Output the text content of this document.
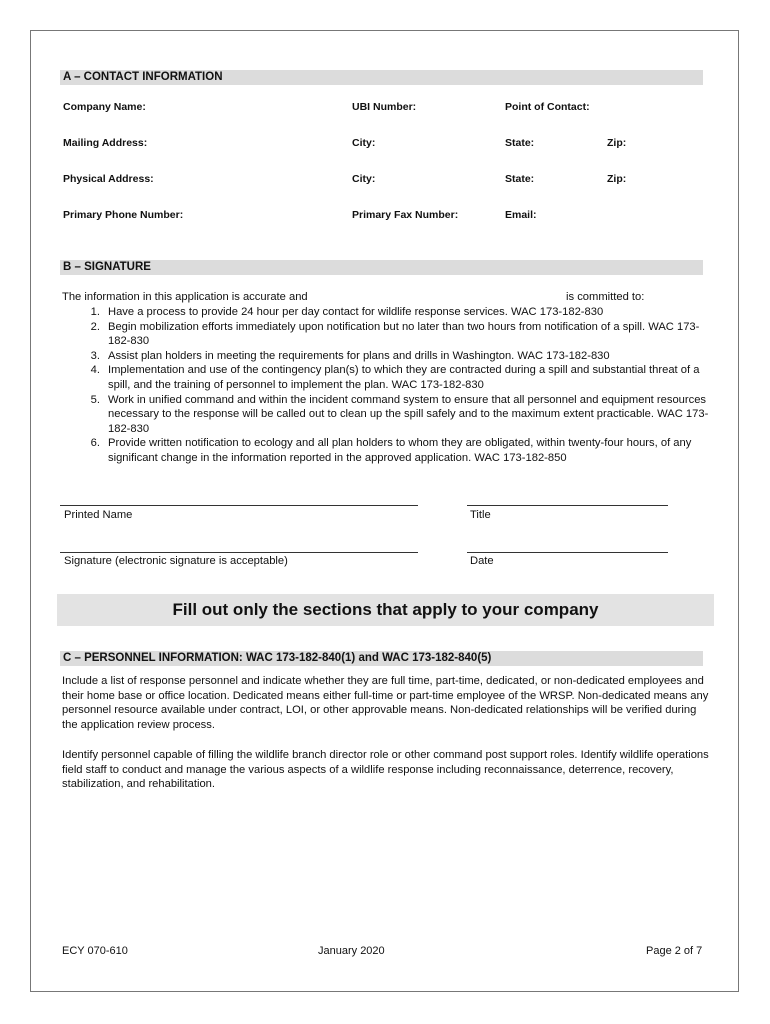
A – CONTACT INFORMATION
Company Name:	UBI Number:	Point of Contact:
Mailing Address:	City:	State:	Zip:
Physical Address:	City:	State:	Zip:
Primary Phone Number:	Primary Fax Number:	Email:
B – SIGNATURE
The information in this application is accurate and	is committed to:
1. Have a process to provide 24 hour per day contact for wildlife response services. WAC 173-182-830
2. Begin mobilization efforts immediately upon notification but no later than two hours from notification of a spill. WAC 173-182-830
3. Assist plan holders in meeting the requirements for plans and drills in Washington. WAC 173-182-830
4. Implementation and use of the contingency plan(s) to which they are contracted during a spill and substantial threat of a spill, and the training of personnel to implement the plan. WAC 173-182-830
5. Work in unified command and within the incident command system to ensure that all personnel and equipment resources necessary to the response will be called out to clean up the spill safely and to the maximum extent practicable. WAC 173-182-830
6. Provide written notification to ecology and all plan holders to whom they are obligated, within twenty-four hours, of any significant change in the information reported in the approved application. WAC 173-182-850
Printed Name	Title
Signature (electronic signature is acceptable)	Date
Fill out only the sections that apply to your company
C – PERSONNEL INFORMATION: WAC 173-182-840(1) and WAC 173-182-840(5)
Include a list of response personnel and indicate whether they are full time, part-time, dedicated, or non-dedicated employees and their home base or office location. Dedicated means either full-time or part-time employee of the WRSP. Non-dedicated means any personnel resource available under contract, LOI, or other approvable means. Non-dedicated relationships will be verified during the application review process.
Identify personnel capable of filling the wildlife branch director role or other command post support roles. Identify wildlife operations field staff to conduct and manage the various aspects of a wildlife response including reconnaissance, deterrence, recovery, stabilization, and rehabilitation.
ECY 070-610	January 2020	Page 2 of 7
